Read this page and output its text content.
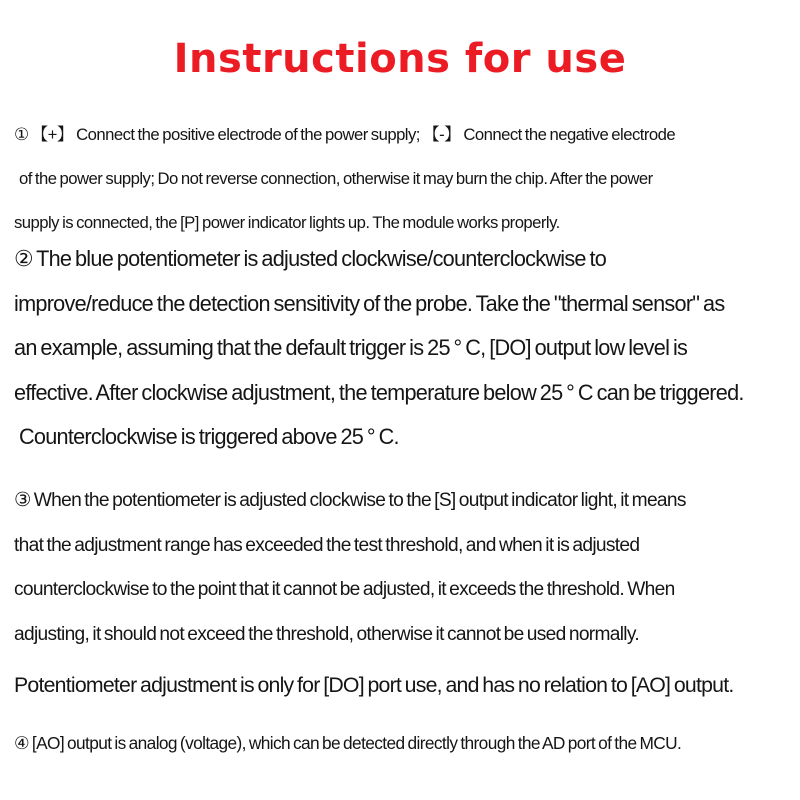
Instructions for use

① 【+】 Connect the positive electrode of the power supply; 【-】 Connect the negative electrode
of the power supply; Do not reverse connection, otherwise it may burn the chip. After the power
supply is connected, the [P] power indicator lights up. The module works properly.

② The blue potentiometer is adjusted clockwise/counterclockwise to
improve/reduce the detection sensitivity of the probe. Take the "thermal sensor" as
an example, assuming that the default trigger is 25 ° C, [DO] output low level is
effective. After clockwise adjustment, the temperature below 25 ° C can be triggered.
Counterclockwise is triggered above 25 ° C.

③ When the potentiometer is adjusted clockwise to the [S] output indicator light, it means
that the adjustment range has exceeded the test threshold, and when it is adjusted
counterclockwise to the point that it cannot be adjusted, it exceeds the threshold. When
adjusting, it should not exceed the threshold, otherwise it cannot be used normally.

Potentiometer adjustment is only for [DO] port use, and has no relation to [AO] output.

④ [AO] output is analog (voltage), which can be detected directly through the AD port of the MCU.
